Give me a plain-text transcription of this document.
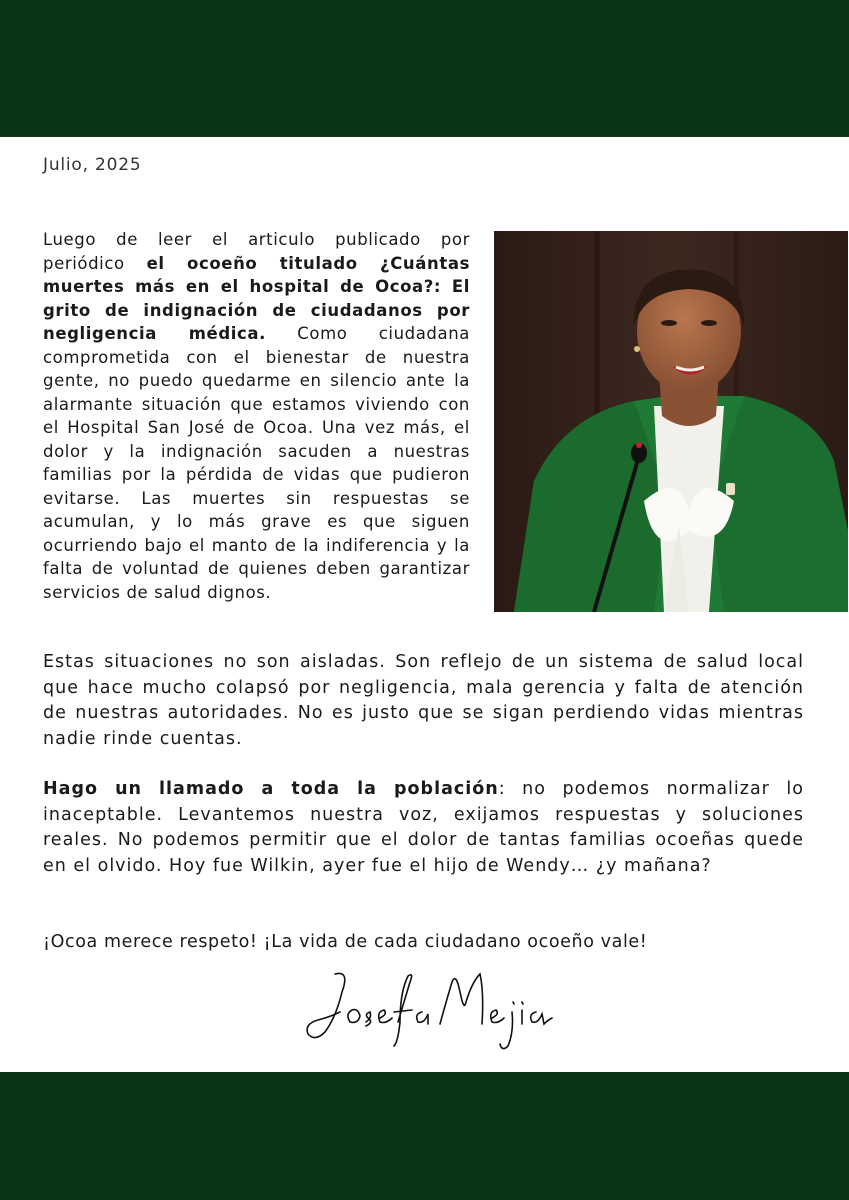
Julio, 2025

Luego de leer el articulo publicado por periódico el ocoeño titulado ¿Cuántas muertes más en el hospital de Ocoa?: El grito de indignación de ciudadanos por negligencia médica. Como ciudadana comprometida con el bienestar de nuestra gente, no puedo quedarme en silencio ante la alarmante situación que estamos viviendo con el Hospital San José de Ocoa. Una vez más, el dolor y la indignación sacuden a nuestras familias por la pérdida de vidas que pudieron evitarse. Las muertes sin respuestas se acumulan, y lo más grave es que siguen ocurriendo bajo el manto de la indiferencia y la falta de voluntad de quienes deben garantizar servicios de salud dignos.

Estas situaciones no son aisladas. Son reflejo de un sistema de salud local que hace mucho colapsó por negligencia, mala gerencia y falta de atención de nuestras autoridades. No es justo que se sigan perdiendo vidas mientras nadie rinde cuentas.

Hago un llamado a toda la población: no podemos normalizar lo inaceptable. Levantemos nuestra voz, exijamos respuestas y soluciones reales. No podemos permitir que el dolor de tantas familias ocoeñas quede en el olvido. Hoy fue Wilkin, ayer fue el hijo de Wendy… ¿y mañana?

¡Ocoa merece respeto! ¡La vida de cada ciudadano ocoeño vale!
